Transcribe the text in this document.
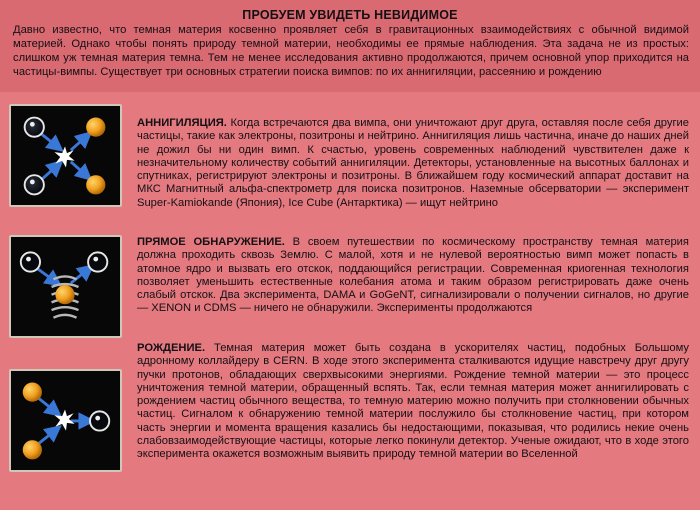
ПРОБУЕМ УВИДЕТЬ НЕВИДИМОЕ
Давно известно, что темная материя косвенно проявляет себя в гравитационных взаимодействиях с обычной видимой материей. Однако чтобы понять природу темной материи, необходимы ее прямые наблюдения. Эта задача не из простых: слишком уж темная материя темна. Тем не менее исследования активно продолжаются, причем основной упор приходится на частицы-вимпы. Существует три основных стратегии поиска вимпов: по их аннигиляции, рассеянию и рождению
АННИГИЛЯЦИЯ. Когда встречаются два вимпа, они уничтожают друг друга, оставляя после себя другие частицы, такие как электроны, позитроны и нейтрино. Аннигиляция лишь частична, иначе до наших дней не дожил бы ни один вимп. К счастью, уровень современных наблюдений чувствителен даже к незначительному количеству событий аннигиляции. Детекторы, установленные на высотных баллонах и спутниках, регистрируют электроны и позитроны. В ближайшем году космический аппарат доставит на МКС Магнитный альфа-спектрометр для поиска позитронов. Наземные обсерватории — эксперимент Super-Kamiokande (Япония), Ice Cube (Антарктика) — ищут нейтрино
ПРЯМОЕ ОБНАРУЖЕНИЕ. В своем путешествии по космическому пространству темная материя должна проходить сквозь Землю. С малой, хотя и не нулевой вероятностью вимп может попасть в атомное ядро и вызвать его отскок, поддающийся регистрации. Современная криогенная технология позволяет уменьшить естественные колебания атома и таким образом регистрировать даже очень слабый отскок. Два эксперимента, DAMA и GoGeNT, сигнализировали о получении сигналов, но другие — XENON и CDMS — ничего не обнаружили. Эксперименты продолжаются
РОЖДЕНИЕ. Темная материя может быть создана в ускорителях частиц, подобных Большому адронному коллайдеру в CERN. В ходе этого эксперимента сталкиваются идущие навстречу друг другу пучки протонов, обладающих сверхвысокими энергиями. Рождение темной материи — это процесс уничтожения темной материи, обращенный вспять. Так, если темная материя может аннигилировать с рождением частиц обычного вещества, то темную материю можно получить при столкновении обычных частиц. Сигналом к обнаружению темной материи послужило бы столкновение частиц, при котором часть энергии и момента вращения казались бы недостающими, показывая, что родились некие очень слабовзаимодействующие частицы, которые легко покинули детектор. Ученые ожидают, что в ходе этого эксперимента окажется возможным выявить природу темной материи во Вселенной
